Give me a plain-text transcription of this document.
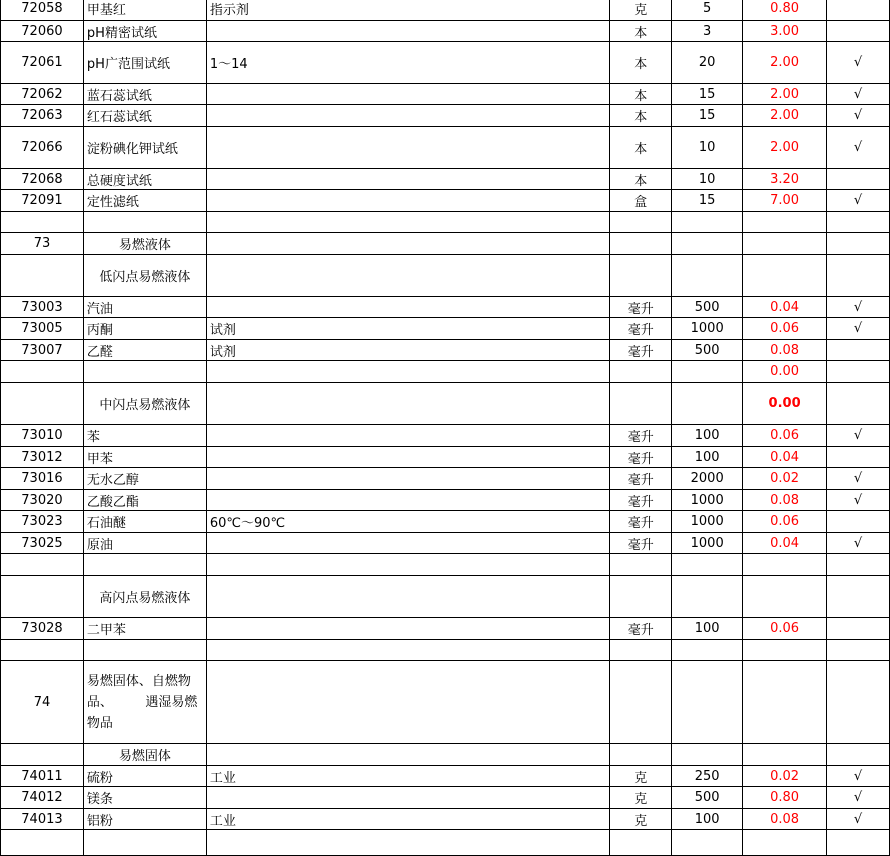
72058	甲基红	指示剂	克	5	0.80	
72060	pH精密试纸		本	3	3.00	
72061	pH广范围试纸	1～14	本	20	2.00	√
72062	蓝石蕊试纸		本	15	2.00	√
72063	红石蕊试纸		本	15	2.00	√
72066	淀粉碘化钾试纸		本	10	2.00	√
72068	总硬度试纸		本	10	3.20	
72091	定性滤纸		盒	15	7.00	√

73	易燃液体					
	低闪点易燃液体					
73003	汽油		毫升	500	0.04	√
73005	丙酮	试剂	毫升	1000	0.06	√
73007	乙醛	试剂	毫升	500	0.08	
					0.00	
	中闪点易燃液体				0.00	
73010	苯		毫升	100	0.06	√
73012	甲苯		毫升	100	0.04	
73016	无水乙醇		毫升	2000	0.02	√
73020	乙酸乙酯		毫升	1000	0.08	√
73023	石油醚	60℃～90℃	毫升	1000	0.06	
73025	原油		毫升	1000	0.04	√

	高闪点易燃液体					
73028	二甲苯		毫升	100	0.06	

74	易燃固体、自燃物品、　　　遇湿易燃物品					
	易燃固体					
74011	硫粉	工业	克	250	0.02	√
74012	镁条		克	500	0.80	√
74013	铝粉	工业	克	100	0.08	√
